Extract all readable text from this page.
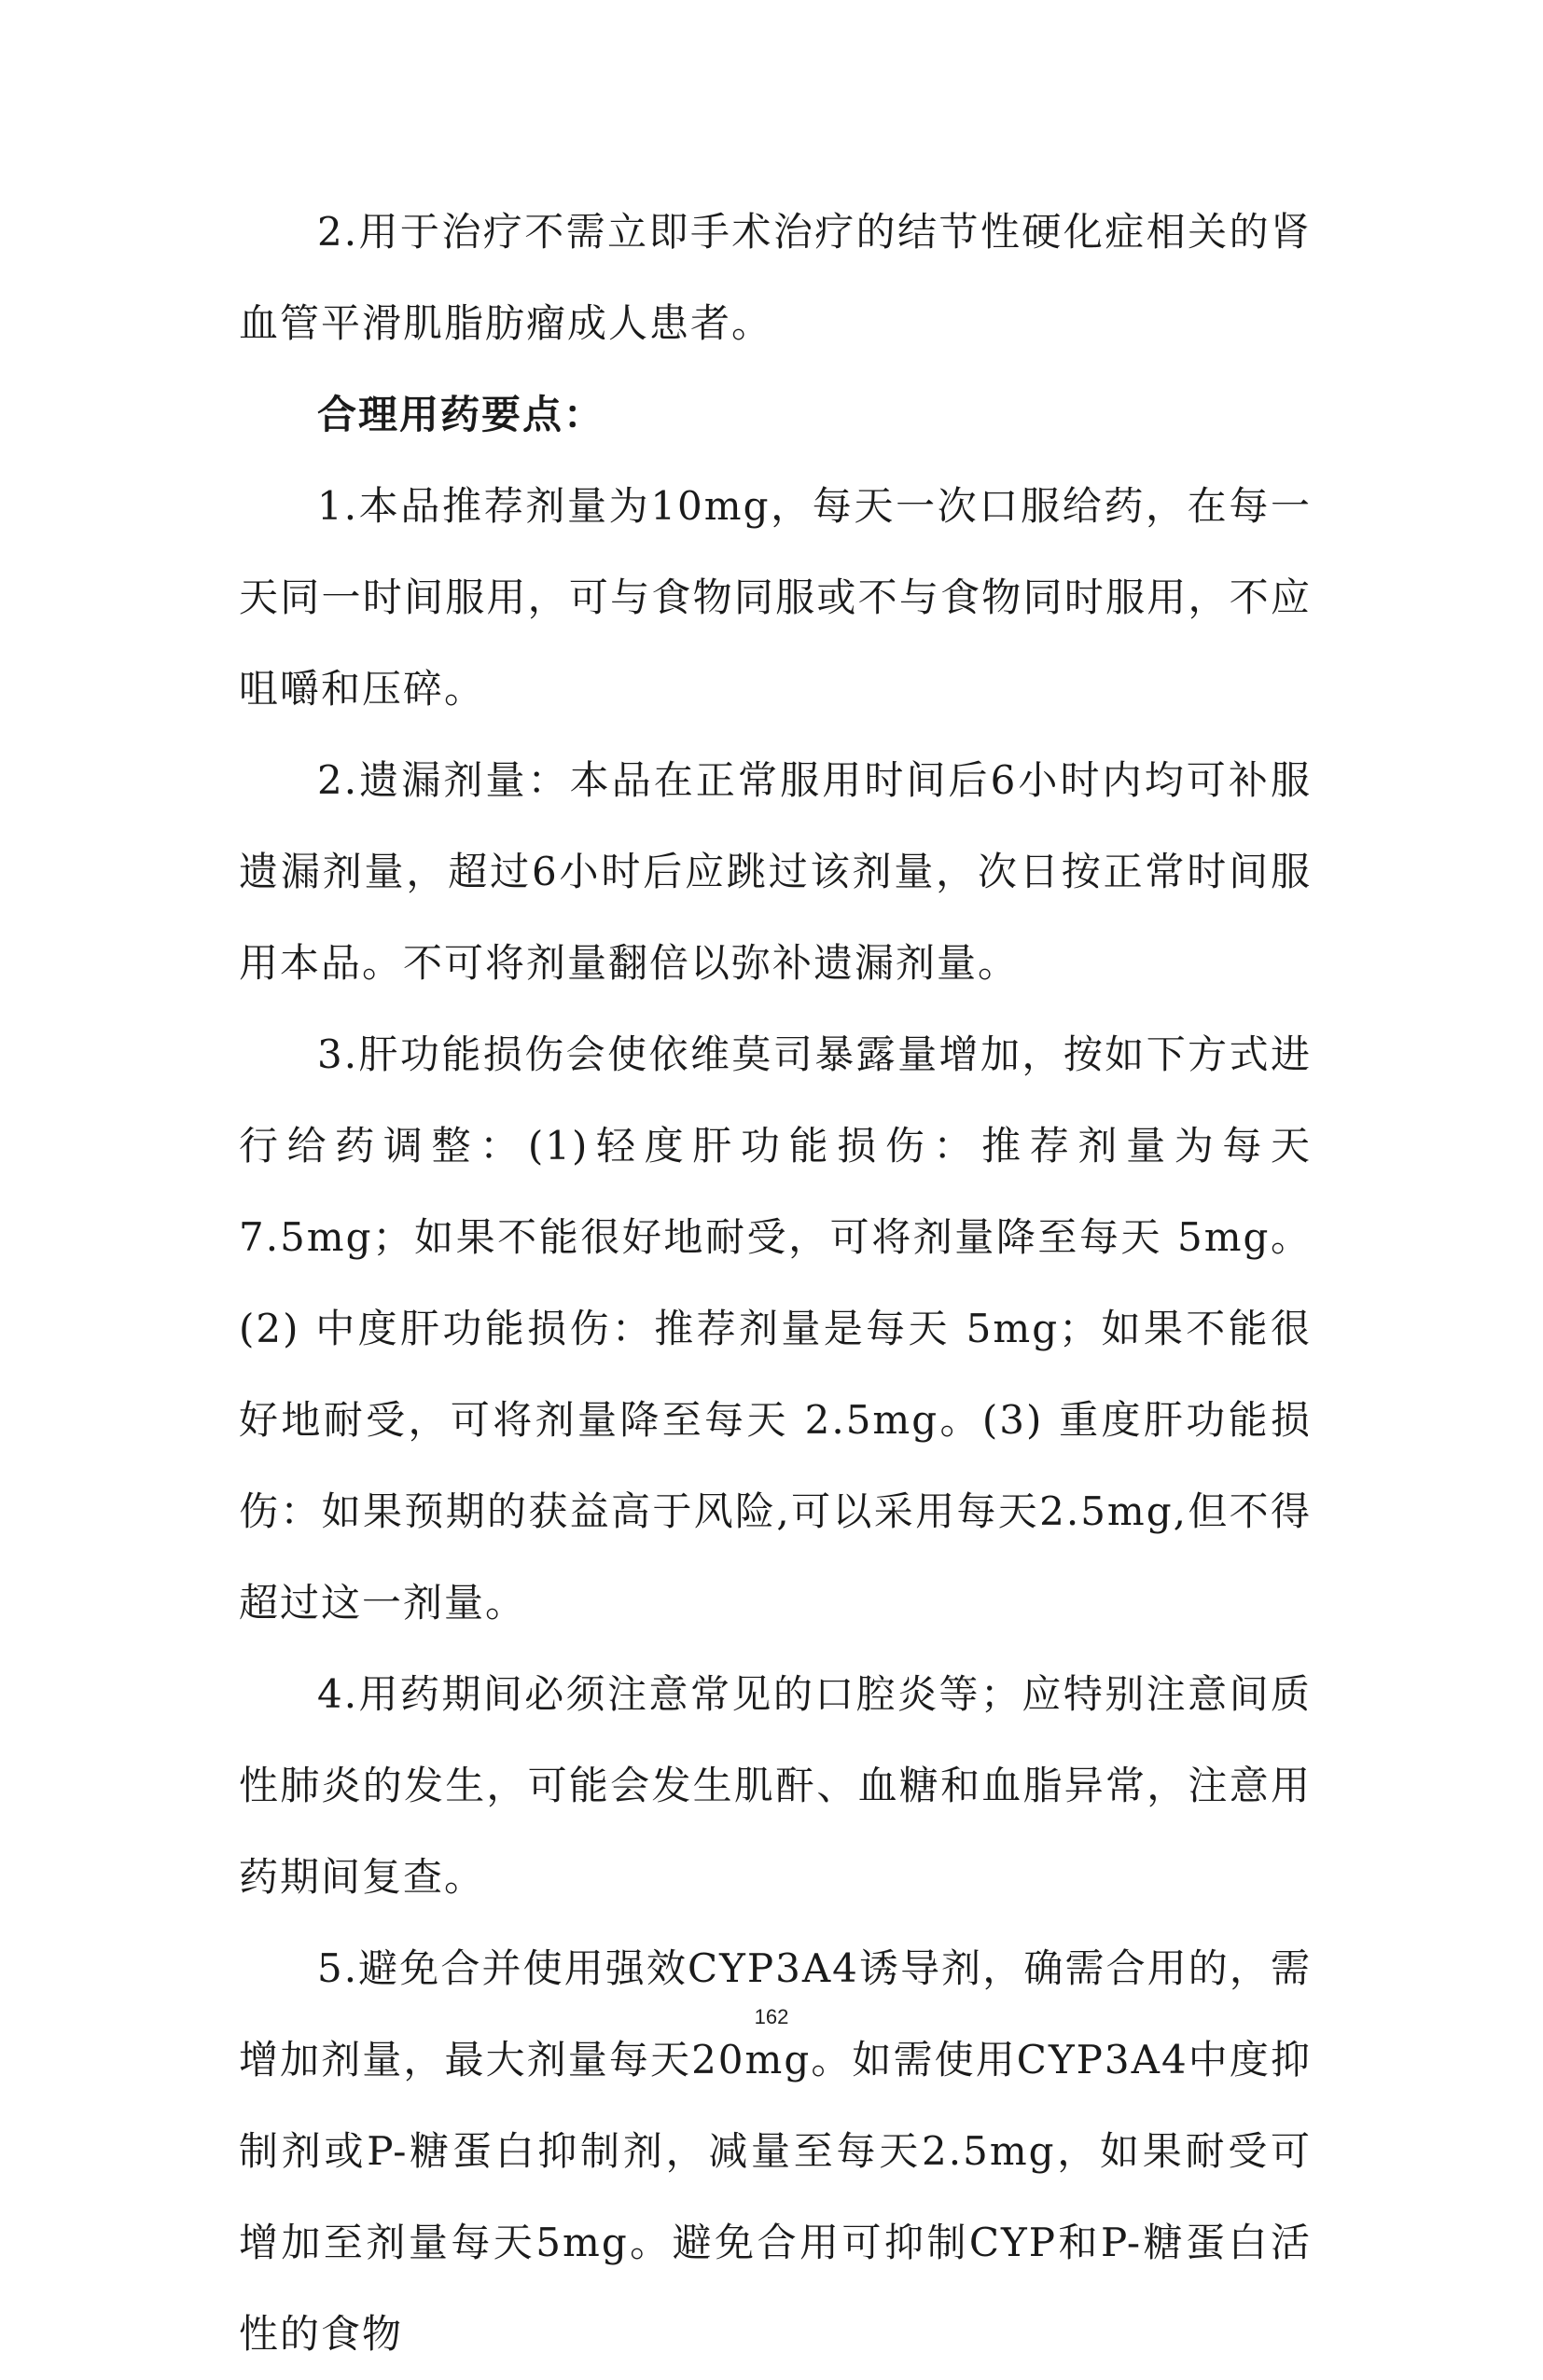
2.用于治疗不需立即手术治疗的结节性硬化症相关的肾血管平滑肌脂肪瘤成人患者。

合理用药要点：

1.本品推荐剂量为10mg，每天一次口服给药，在每一天同一时间服用，可与食物同服或不与食物同时服用，不应咀嚼和压碎。

2.遗漏剂量：本品在正常服用时间后6小时内均可补服遗漏剂量，超过6小时后应跳过该剂量，次日按正常时间服用本品。不可将剂量翻倍以弥补遗漏剂量。

3.肝功能损伤会使依维莫司暴露量增加，按如下方式进行给药调整：(1)轻度肝功能损伤：推荐剂量为每天7.5mg；如果不能很好地耐受，可将剂量降至每天 5mg。(2) 中度肝功能损伤：推荐剂量是每天 5mg；如果不能很好地耐受，可将剂量降至每天 2.5mg。(3) 重度肝功能损伤：如果预期的获益高于风险,可以采用每天2.5mg,但不得超过这一剂量。

4.用药期间必须注意常见的口腔炎等；应特别注意间质性肺炎的发生，可能会发生肌酐、血糖和血脂异常，注意用药期间复查。

5.避免合并使用强效CYP3A4诱导剂，确需合用的，需增加剂量，最大剂量每天20mg。如需使用CYP3A4中度抑制剂或P-糖蛋白抑制剂，减量至每天2.5mg，如果耐受可增加至剂量每天5mg。避免合用可抑制CYP和P-糖蛋白活性的食物

162
